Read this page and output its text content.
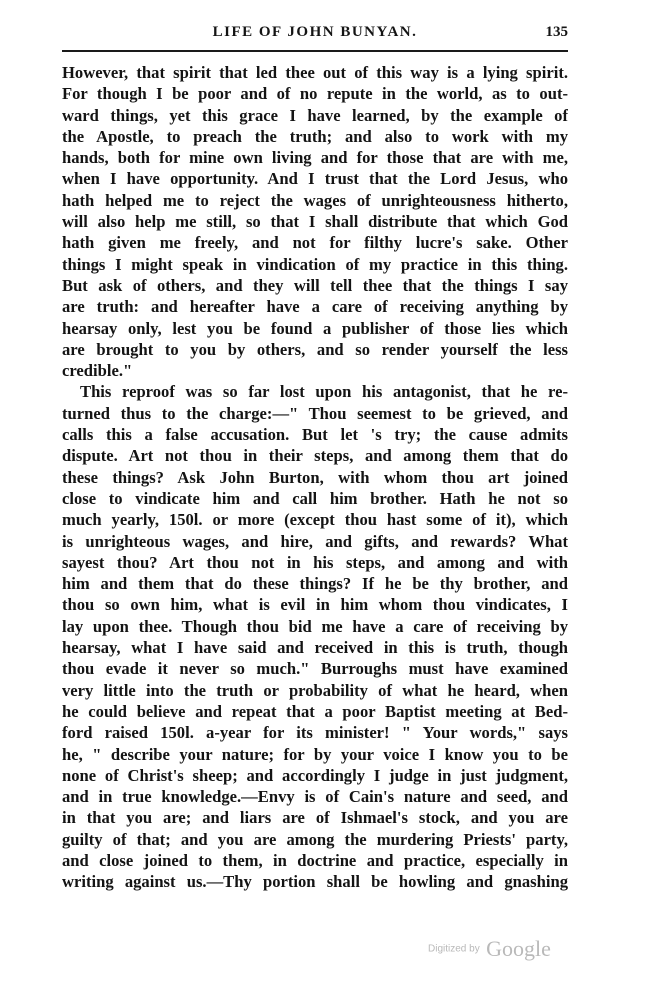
LIFE OF JOHN BUNYAN.	135
However, that spirit that led thee out of this way is a lying spirit.
For though I be poor and of no repute in the world, as to out-
ward things, yet this grace I have learned, by the example of
the Apostle, to preach the truth; and also to work with my
hands, both for mine own living and for those that are with me,
when I have opportunity. And I trust that the Lord Jesus, who
hath helped me to reject the wages of unrighteousness hitherto,
will also help me still, so that I shall distribute that which God
hath given me freely, and not for filthy lucre's sake. Other
things I might speak in vindication of my practice in this thing.
But ask of others, and they will tell thee that the things I say
are truth: and hereafter have a care of receiving anything by
hearsay only, lest you be found a publisher of those lies which
are brought to you by others, and so render yourself the less
credible."
This reproof was so far lost upon his antagonist, that he re-
turned thus to the charge:—" Thou seemest to be grieved, and
calls this a false accusation. But let 's try; the cause admits
dispute. Art not thou in their steps, and among them that do
these things? Ask John Burton, with whom thou art joined
close to vindicate him and call him brother. Hath he not so
much yearly, 150l. or more (except thou hast some of it), which
is unrighteous wages, and hire, and gifts, and rewards? What
sayest thou? Art thou not in his steps, and among and with
him and them that do these things? If he be thy brother, and
thou so own him, what is evil in him whom thou vindicates, I
lay upon thee. Though thou bid me have a care of receiving by
hearsay, what I have said and received in this is truth, though
thou evade it never so much." Burroughs must have examined
very little into the truth or probability of what he heard, when
he could believe and repeat that a poor Baptist meeting at Bed-
ford raised 150l. a-year for its minister! " Your words," says
he, " describe your nature; for by your voice I know you to be
none of Christ's sheep; and accordingly I judge in just judgment,
and in true knowledge.—Envy is of Cain's nature and seed, and
in that you are; and liars are of Ishmael's stock, and you are
guilty of that; and you are among the murdering Priests' party,
and close joined to them, in doctrine and practice, especially in
writing against us.—Thy portion shall be howling and gnashing
Digitized by Google
